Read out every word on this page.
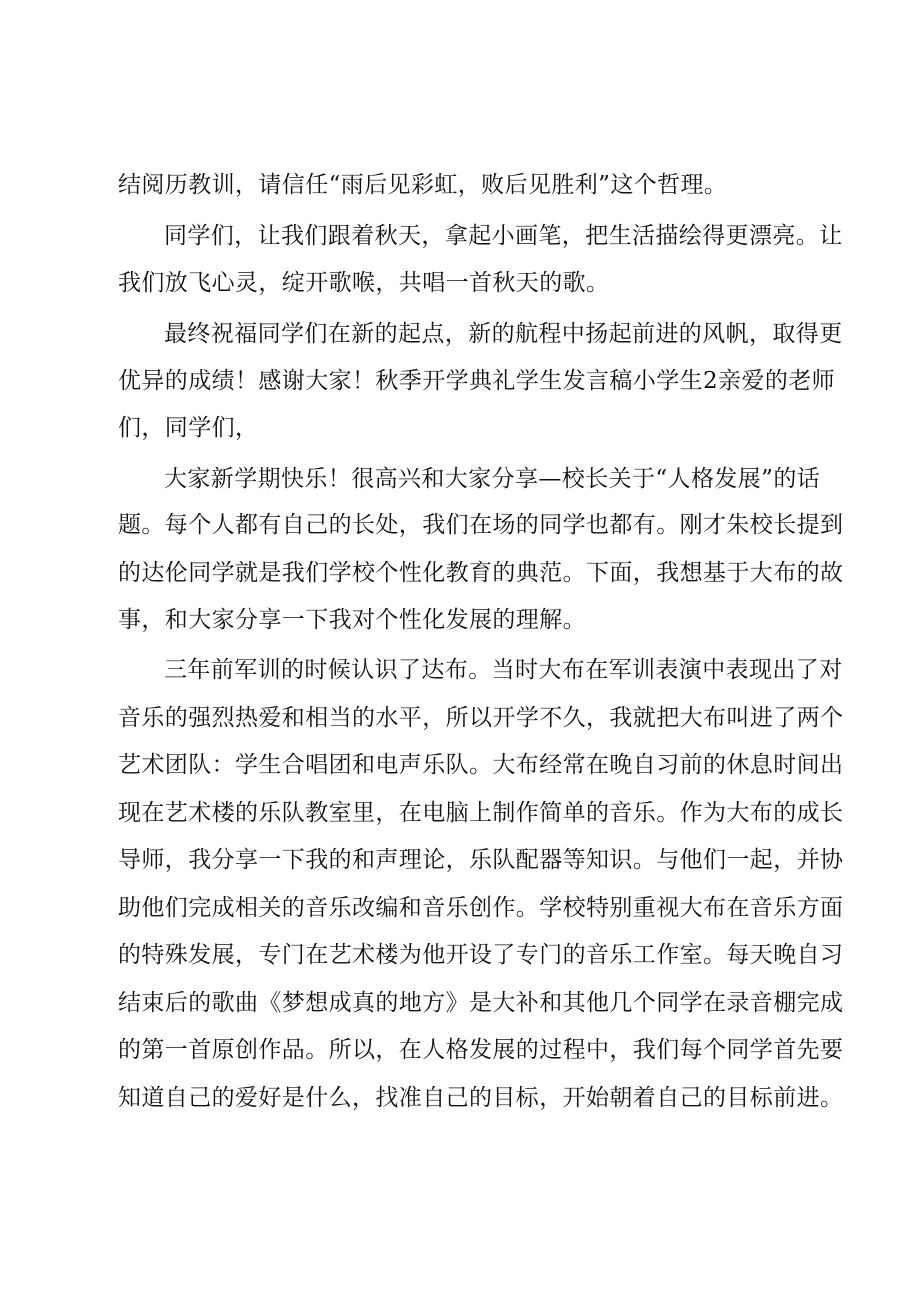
结阅历教训，请信任“雨后见彩虹，败后见胜利”这个哲理。
同学们，让我们跟着秋天，拿起小画笔，把生活描绘得更漂亮。让
我们放飞心灵，绽开歌喉，共唱一首秋天的歌。
最终祝福同学们在新的起点，新的航程中扬起前进的风帆，取得更
优异的成绩！感谢大家！秋季开学典礼学生发言稿小学生2亲爱的老师
们，同学们，
大家新学期快乐！很高兴和大家分享—校长关于“人格发展”的话
题。每个人都有自己的长处，我们在场的同学也都有。刚才朱校长提到
的达伦同学就是我们学校个性化教育的典范。下面，我想基于大布的故
事，和大家分享一下我对个性化发展的理解。
三年前军训的时候认识了达布。当时大布在军训表演中表现出了对
音乐的强烈热爱和相当的水平，所以开学不久，我就把大布叫进了两个
艺术团队：学生合唱团和电声乐队。大布经常在晚自习前的休息时间出
现在艺术楼的乐队教室里，在电脑上制作简单的音乐。作为大布的成长
导师，我分享一下我的和声理论，乐队配器等知识。与他们一起，并协
助他们完成相关的音乐改编和音乐创作。学校特别重视大布在音乐方面
的特殊发展，专门在艺术楼为他开设了专门的音乐工作室。每天晚自习
结束后的歌曲《梦想成真的地方》是大补和其他几个同学在录音棚完成
的第一首原创作品。所以，在人格发展的过程中，我们每个同学首先要
知道自己的爱好是什么，找准自己的目标，开始朝着自己的目标前进。
